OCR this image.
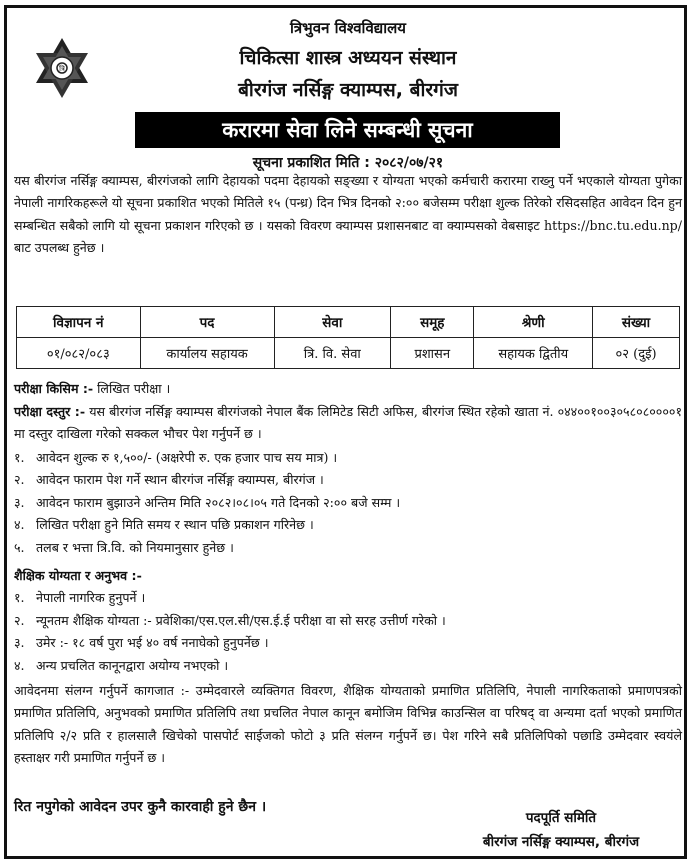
त्रि
त्रिभुवन विश्वविद्यालय
चिकित्सा शास्त्र अध्ययन संस्थान
बीरगंज नर्सिङ्ग क्याम्पस, बीरगंज
करारमा सेवा लिने सम्बन्धी सूचना
सूचना प्रकाशित मिति : २०८२/०७/२१
यस बीरगंज नर्सिङ्ग क्याम्पस, बीरगंजको लागि देहायको पदमा देहायको सङ्ख्या र योग्यता भएको कर्मचारी करारमा राख्नु पर्ने भएकाले योग्यता पुगेका नेपाली नागरिकहरूले यो सूचना प्रकाशित भएको मितिले १५ (पन्ध्र) दिन भित्र दिनको २:०० बजेसम्म परीक्षा शुल्क तिरेको रसिदसहित आवेदन दिन हुन सम्बन्धित सबैको लागि यो सूचना प्रकाशन गरिएको छ । यसको विवरण क्याम्पस प्रशासनबाट वा क्याम्पसको वेबसाइट https://bnc.tu.edu.np/ बाट उपलब्ध हुनेछ ।
विज्ञापन नं	पद	सेवा	समूह	श्रेणी	संख्या
०१/०८२/०८३	कार्यालय सहायक	त्रि. वि. सेवा	प्रशासन	सहायक द्वितीय	०२ (दुई)
परीक्षा किसिम :- लिखित परीक्षा ।
परीक्षा दस्तुर :- यस बीरगंज नर्सिङ्ग क्याम्पस बीरगंजको नेपाल बैंक लिमिटेड सिटी अफिस, बीरगंज स्थित रहेको खाता नं. ०४४००१००३०५८०८००००१ मा दस्तुर दाखिला गरेको सक्कल भौचर पेश गर्नुपर्ने छ ।
१. आवेदन शुल्क रु १,५००/- (अक्षरेपी रु. एक हजार पाच सय मात्र) ।
२. आवेदन फाराम पेश गर्ने स्थान बीरगंज नर्सिङ्ग क्याम्पस, बीरगंज ।
३. आवेदन फाराम बुझाउने अन्तिम मिति २०८२।०८।०५ गते दिनको २:०० बजे सम्म ।
४. लिखित परीक्षा हुने मिति समय र स्थान पछि प्रकाशन गरिनेछ ।
५. तलब र भत्ता त्रि.वि. को नियमानुसार हुनेछ ।
शैक्षिक योग्यता र अनुभव :-
१. नेपाली नागरिक हुनुपर्ने ।
२. न्यूनतम शैक्षिक योग्यता :- प्रवेशिका/एस.एल.सी/एस.ई.ई परीक्षा वा सो सरह उत्तीर्ण गरेको ।
३. उमेर :- १८ वर्ष पुरा भई ४० वर्ष ननाघेको हुनुपर्नेछ ।
४. अन्य प्रचलित कानूनद्वारा अयोग्य नभएको ।
आवेदनमा संलग्न गर्नुपर्ने कागजात :- उम्मेदवारले व्यक्तिगत विवरण, शैक्षिक योग्यताको प्रमाणित प्रतिलिपि, नेपाली नागरिकताको प्रमाणपत्रको प्रमाणित प्रतिलिपि, अनुभवको प्रमाणित प्रतिलिपि तथा प्रचलित नेपाल कानून बमोजिम विभिन्न काउन्सिल वा परिषद् वा अन्यमा दर्ता भएको प्रमाणित प्रतिलिपि २/२ प्रति र हालसालै खिचेको पासपोर्ट साईजको फोटो ३ प्रति संलग्न गर्नुपर्ने छ। पेश गरिने सबै प्रतिलिपिको पछाडि उम्मेदवार स्वयंले हस्ताक्षर गरी प्रमाणित गर्नुपर्ने छ ।
रित नपुगेको आवेदन उपर कुनै कारवाही हुने छैन ।
पदपूर्ति समिति
बीरगंज नर्सिङ्ग क्याम्पस, बीरगंज
